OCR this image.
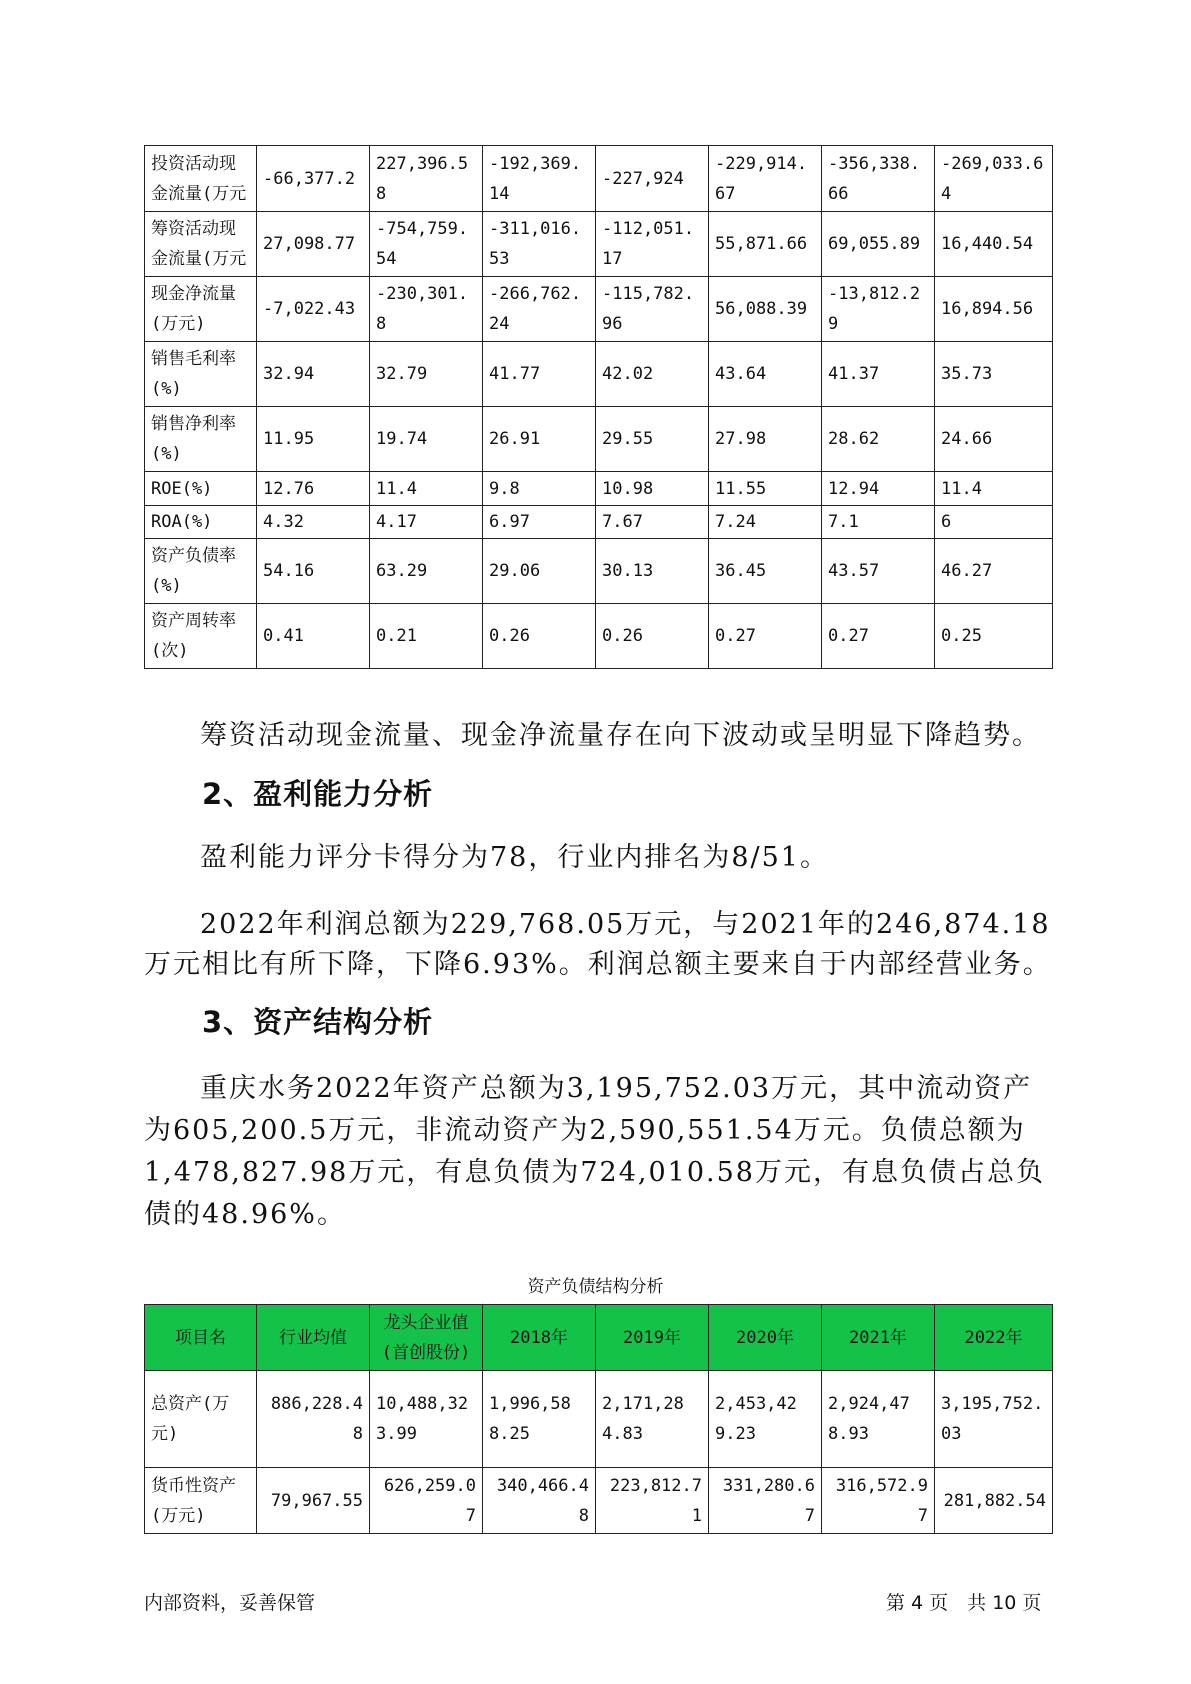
投资活动现金流量(万元	-66,377.2	227,396.58	-192,369.14	-227,924	-229,914.67	-356,338.66	-269,033.64
筹资活动现金流量(万元	27,098.77	-754,759.54	-311,016.53	-112,051.17	55,871.66	69,055.89	16,440.54
现金净流量(万元)	-7,022.43	-230,301.8	-266,762.24	-115,782.96	56,088.39	-13,812.29	16,894.56
销售毛利率(%)	32.94	32.79	41.77	42.02	43.64	41.37	35.73
销售净利率(%)	11.95	19.74	26.91	29.55	27.98	28.62	24.66
ROE(%)	12.76	11.4	9.8	10.98	11.55	12.94	11.4
ROA(%)	4.32	4.17	6.97	7.67	7.24	7.1	6
资产负债率(%)	54.16	63.29	29.06	30.13	36.45	43.57	46.27
资产周转率(次)	0.41	0.21	0.26	0.26	0.27	0.27	0.25
筹资活动现金流量、现金净流量存在向下波动或呈明显下降趋势。
2、盈利能力分析
盈利能力评分卡得分为78，行业内排名为8/51。
2022年利润总额为229,768.05万元，与2021年的246,874.18万元相比有所下降，下降6.93%。利润总额主要来自于内部经营业务。
3、资产结构分析
重庆水务2022年资产总额为3,195,752.03万元，其中流动资产为605,200.5万元，非流动资产为2,590,551.54万元。负债总额为1,478,827.98万元，有息负债为724,010.58万元，有息负债占总负债的48.96%。
资产负债结构分析
项目名	行业均值	龙头企业值(首创股份)	2018年	2019年	2020年	2021年	2022年
总资产(万元)	886,228.48	10,488,323.99	1,996,588.25	2,171,284.83	2,453,429.23	2,924,478.93	3,195,752.03
货币性资产(万元)	79,967.55	626,259.07	340,466.48	223,812.71	331,280.67	316,572.97	281,882.54
内部资料，妥善保管	第 4 页　共 10 页
